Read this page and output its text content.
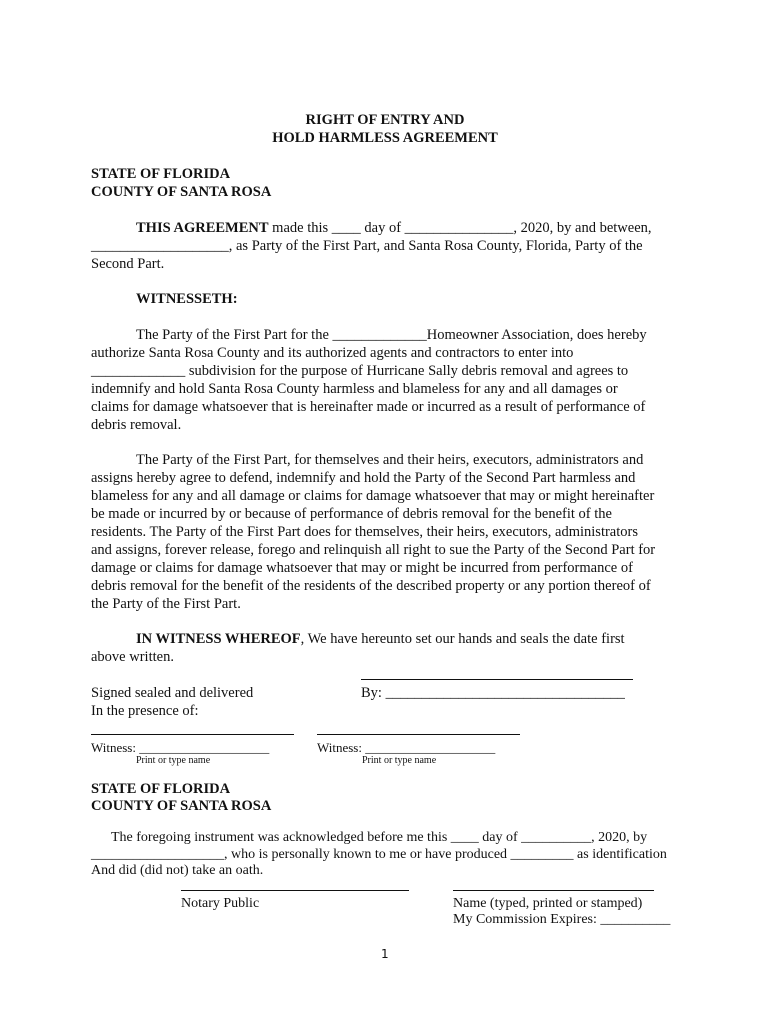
RIGHT OF ENTRY AND
HOLD HARMLESS AGREEMENT
STATE OF FLORIDA
COUNTY OF SANTA ROSA
THIS AGREEMENT made this ____ day of _______________, 2020, by and between,
___________________, as Party of the First Part, and Santa Rosa County, Florida, Party of the
Second Part.
WITNESSETH:
The Party of the First Part for the _____________Homeowner Association, does hereby
authorize Santa Rosa County and its authorized agents and contractors to enter into
_____________ subdivision for the purpose of Hurricane Sally debris removal and agrees to
indemnify and hold Santa Rosa County harmless and blameless for any and all damages or
claims for damage whatsoever that is hereinafter made or incurred as a result of performance of
debris removal.
The Party of the First Part, for themselves and their heirs, executors, administrators and
assigns hereby agree to defend, indemnify and hold the Party of the Second Part harmless and
blameless for any and all damage or claims for damage whatsoever that may or might hereinafter
be made or incurred by or because of performance of debris removal for the benefit of the
residents. The Party of the First Part does for themselves, their heirs, executors, administrators
and assigns, forever release, forego and relinquish all right to sue the Party of the Second Part for
damage or claims for damage whatsoever that may or might be incurred from performance of
debris removal for the benefit of the residents of the described property or any portion thereof of
the Party of the First Part.
IN WITNESS WHEREOF, We have hereunto set our hands and seals the date first
above written.
Signed sealed and delivered	By: _________________________________
In the presence of:
Witness: ____________________	Witness: ____________________
Print or type name	Print or type name
STATE OF FLORIDA
COUNTY OF SANTA ROSA
The foregoing instrument was acknowledged before me this ____ day of __________, 2020, by
___________________, who is personally known to me or have produced _________ as identification
And did (did not) take an oath.
Notary Public	Name (typed, printed or stamped)
My Commission Expires: __________
1
